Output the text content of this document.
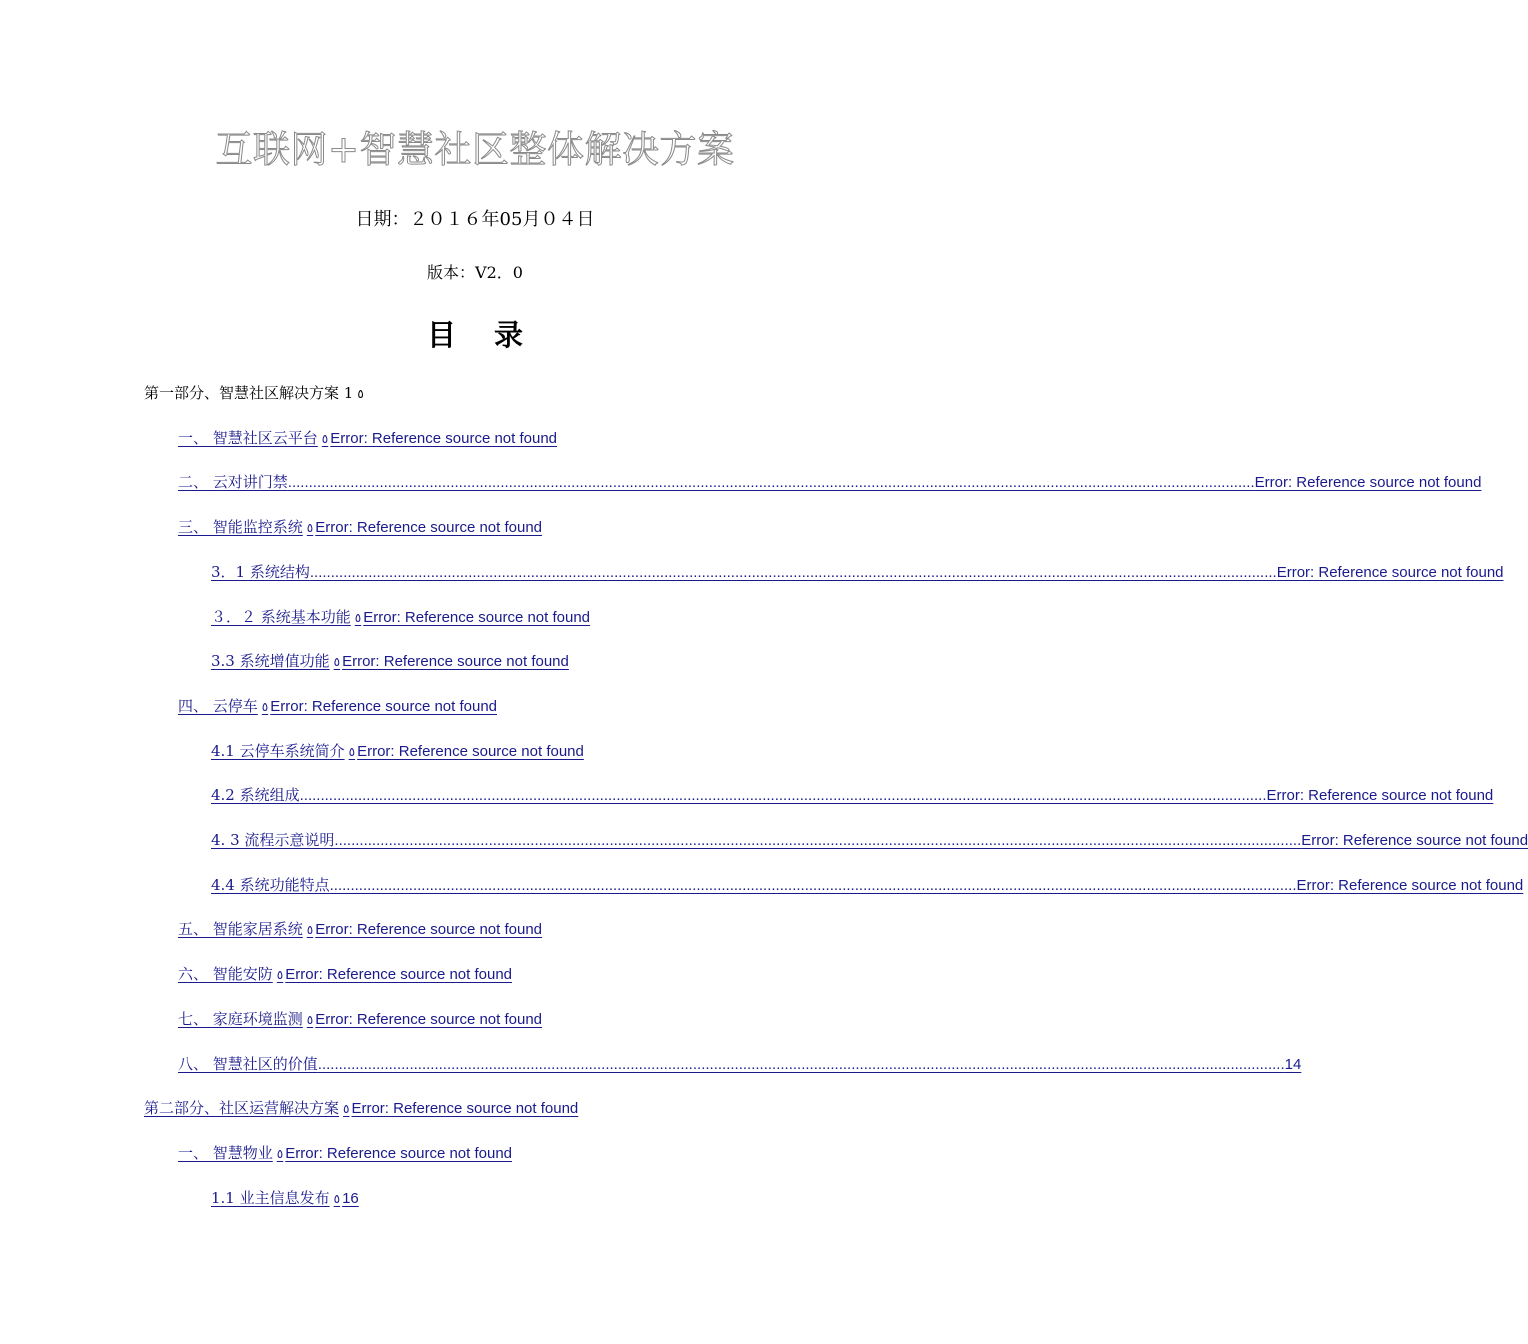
互联网+智慧社区整体解决方案
日期：２０１６年05月０４日
版本：V2．0
目 录
第一部分、智慧社区解决方案 1 ٥
一、 智慧社区云平台 ٥ Error: Reference source not found
二、 云对讲门禁 .....	Error: Reference source not found
三、 智能监控系统 ٥ Error: Reference source not found
3．1 系统结构 .....	Error: Reference source not found
３．２ 系统基本功能 ٥ Error: Reference source not found
3.3 系统增值功能 ٥ Error: Reference source not found
四、 云停车 ٥ Error: Reference source not found
4.1 云停车系统简介 ٥ Error: Reference source not found
4.2 系统组成 .....	Error: Reference source not found
4. 3 流程示意说明 .....	Error: Reference source not found
4.4 系统功能特点 .....	Error: Reference source not found
五、 智能家居系统 ٥ Error: Reference source not found
六、 智能安防 ٥ Error: Reference source not found
七、 家庭环境监测 ٥ Error: Reference source not found
八、 智慧社区的价值 .....	14
第二部分、社区运营解决方案 ٥ Error: Reference source not found
一、 智慧物业 ٥ Error: Reference source not found
1.1 业主信息发布 ٥ 16
